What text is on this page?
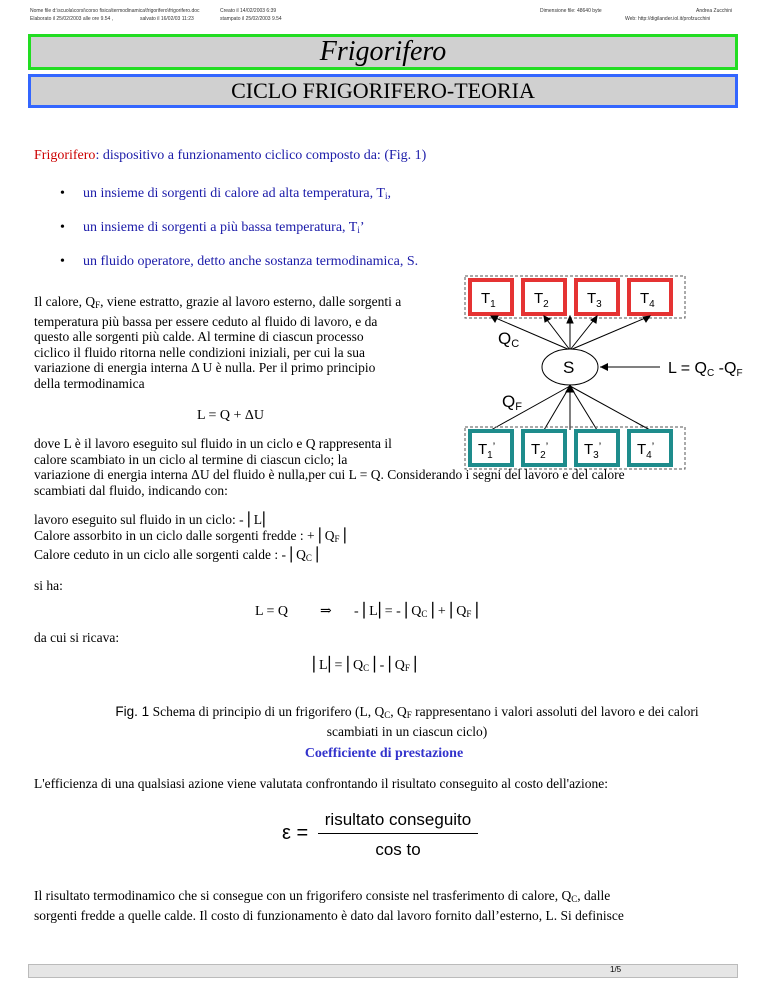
Nome file d:\scuola\corsi\corso fisica\termodinamica\frigorifero\frigorifero.doc
Elaborato il 25/02/2003 alle ore 9.54 ,
Creato il 14/02/2003 6:39
salvato il 16/02/03 11:23	stampato il 25/02/2003 9.54
Dimensione file: 48640 byte	Andrea Zucchini
Web: http://digilander.iol.it/profzucchini
Frigorifero
CICLO FRIGORIFERO-TEORIA
Frigorifero: dispositivo a funzionamento ciclico composto da: (Fig. 1)
• un insieme di sorgenti di calore ad alta temperatura, $T_i$,
• un insieme di sorgenti a più bassa temperatura, $T_i$’
• un fluido operatore, detto anche sostanza termodinamica, S.
Il calore, $Q_F$, viene estratto, grazie al lavoro esterno, dalle sorgenti a
temperatura più bassa per essere ceduto al fluido di lavoro, e da
questo alle sorgenti più calde. Al termine di ciascun processo
ciclico il fluido ritorna nelle condizioni iniziali, per cui la sua
variazione di energia interna Δ U è nulla. Per il primo principio
della termodinamica
L = Q + ΔU
$T_1$	$T_2$	$T_3$	$T_4$
QC
S	L = QC -QF
QF
$T_1^’$ $T_2^’$ $T_3^’$ $T_4^’$
dove L è il lavoro eseguito sul fluido in un ciclo e Q rappresenta il
calore scambiato in un ciclo al termine di ciascun ciclo; la
variazione di energia interna ΔU del fluido è nulla,per cui L = Q. Considerando i segni del lavoro e del calore
scambiati dal fluido, indicando con:
lavoro eseguito sul fluido in un ciclo: - ⎜L⎜
Calore assorbito in un ciclo dalle sorgenti fredde : + $⎜Q_F$ ⎜
Calore ceduto in un ciclo alle sorgenti calde : - $⎜Q_C$ ⎜
si ha:
L = Q ⇒ - ⎜L⎜= - $⎜Q_C$ ⎜+ $⎜Q_F$ ⎜
da cui si ricava:
⎜L⎜= $⎜Q_C$ ⎜- $⎜Q_F$ ⎜
Fig. 1 Schema di principio di un frigorifero (L, $Q_C$, $Q_F$ rappresentano i valori assoluti del lavoro e dei calori
scambiati in un ciascun ciclo)
Coefficiente di prestazione
L'efficienza di una qualsiasi azione viene valutata confrontando il risultato conseguito al costo dell'azione:
ε =
risultato conseguito
cos to
Il risultato termodinamico che si consegue con un frigorifero consiste nel trasferimento di calore, $Q_C$, dalle
sorgenti fredde a quelle calde. Il costo di funzionamento è dato dal lavoro fornito dall’esterno, L. Si definisce
1/5
